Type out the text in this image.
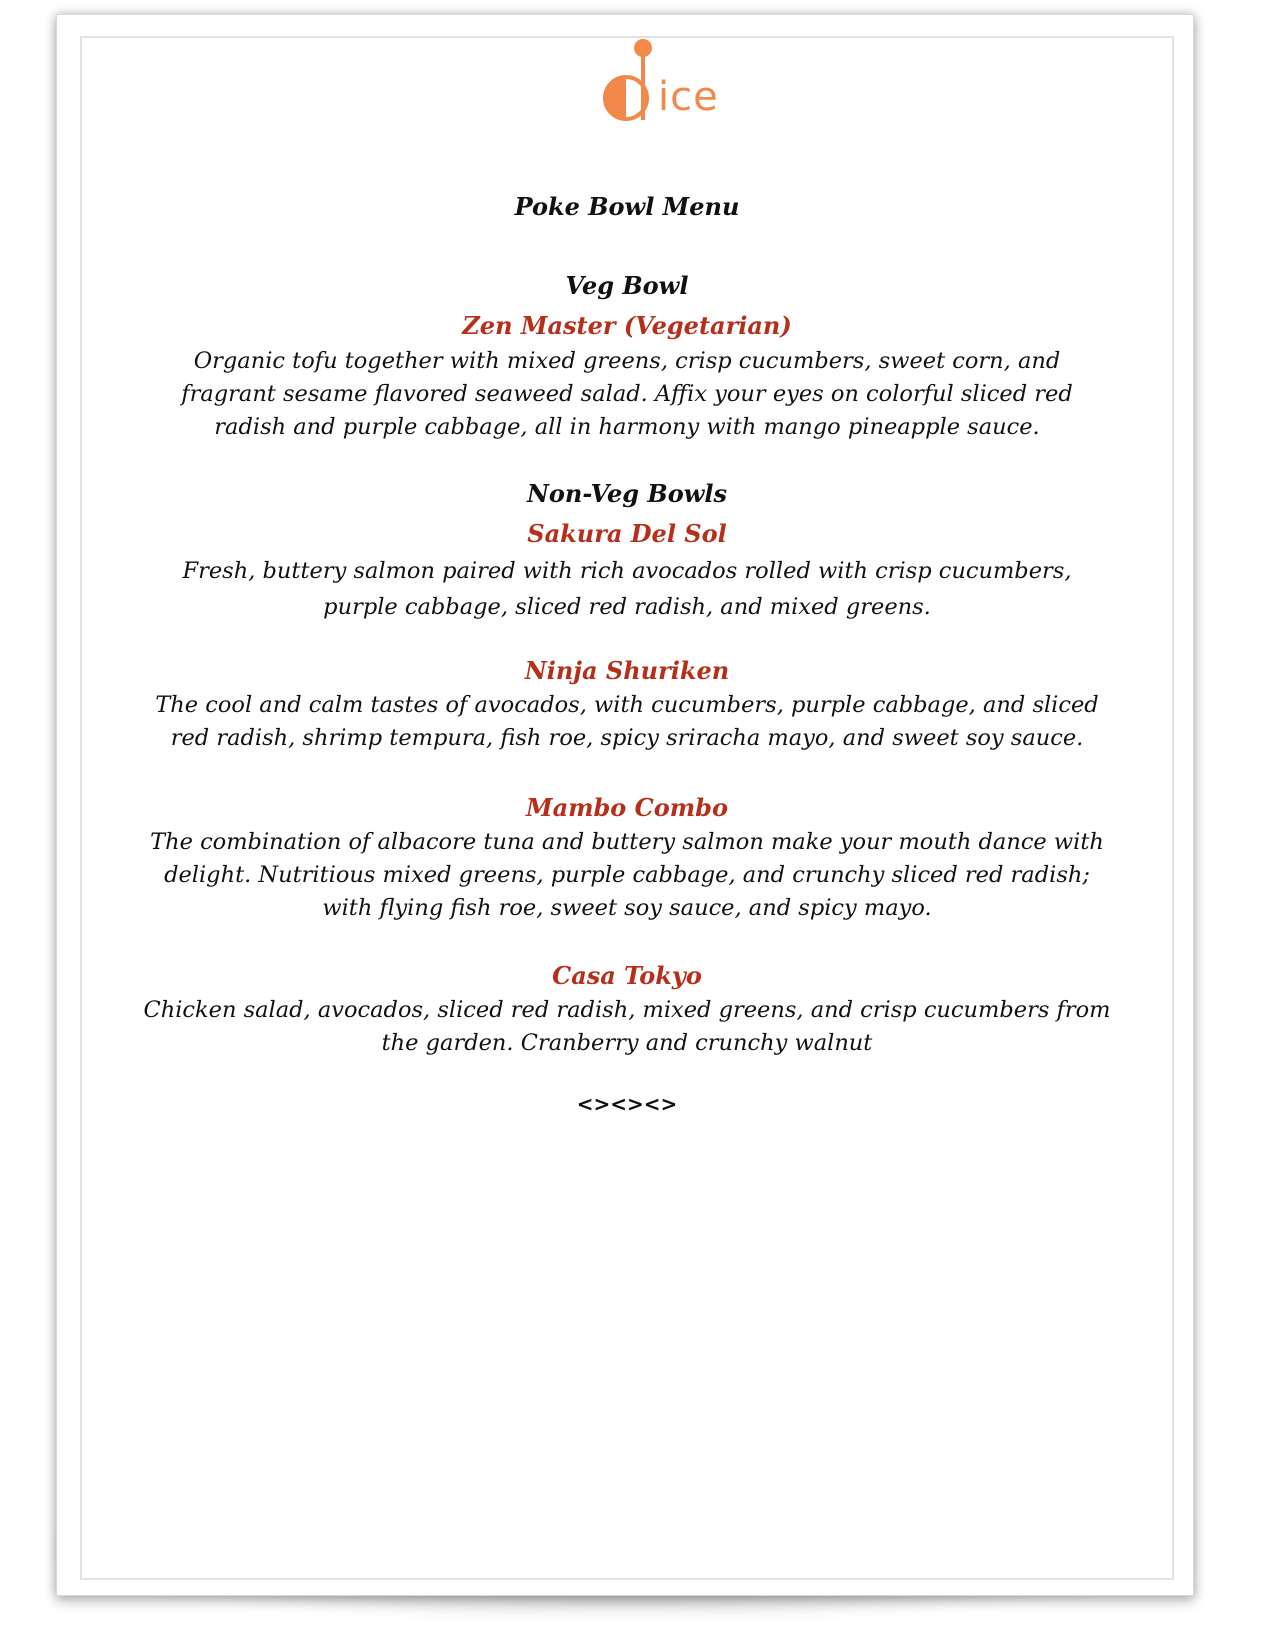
ice
Poke Bowl Menu
Veg Bowl
Zen Master (Vegetarian)
Organic tofu together with mixed greens, crisp cucumbers, sweet corn, and fragrant sesame flavored seaweed salad. Affix your eyes on colorful sliced red radish and purple cabbage, all in harmony with mango pineapple sauce.
Non-Veg Bowls
Sakura Del Sol
Fresh, buttery salmon paired with rich avocados rolled with crisp cucumbers, purple cabbage, sliced red radish, and mixed greens.
Ninja Shuriken
The cool and calm tastes of avocados, with cucumbers, purple cabbage, and sliced red radish, shrimp tempura, fish roe, spicy sriracha mayo, and sweet soy sauce.
Mambo Combo
The combination of albacore tuna and buttery salmon make your mouth dance with delight. Nutritious mixed greens, purple cabbage, and crunchy sliced red radish; with flying fish roe, sweet soy sauce, and spicy mayo.
Casa Tokyo
Chicken salad, avocados, sliced red radish, mixed greens, and crisp cucumbers from the garden. Cranberry and crunchy walnut
<><><>
